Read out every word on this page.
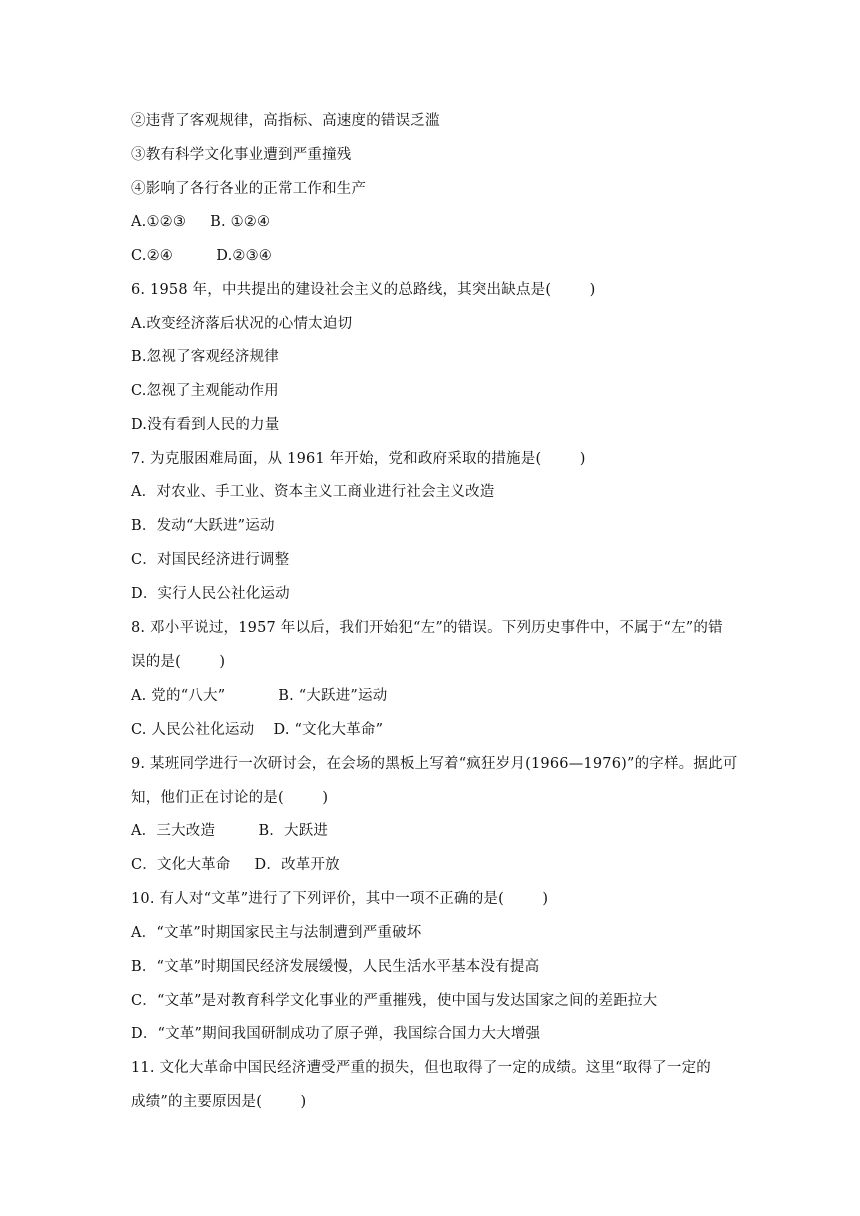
②违背了客观规律，高指标、高速度的错误乏滥
③教有科学文化事业遭到严重撞残
④影响了各行各业的正常工作和生产
A.①②③     B. ①②④
C.②④         D.②③④
6. 1958 年，中共提出的建设社会主义的总路线，其突出缺点是(        )
A.改变经济落后状况的心情太迫切
B.忽视了客观经济规律
C.忽视了主观能动作用
D.没有看到人民的力量
7. 为克服困难局面，从 1961 年开始，党和政府采取的措施是(        )
A．对农业、手工业、资本主义工商业进行社会主义改造
B．发动“大跃进”运动
C．对国民经济进行调整
D．实行人民公社化运动
8. 邓小平说过，1957 年以后，我们开始犯“左”的错误。下列历史事件中，不属于“左”的错
误的是(        )
A. 党的“八大”           B. “大跃进”运动
C. 人民公社化运动    D. “文化大革命”
9. 某班同学进行一次研讨会，在会场的黑板上写着“疯狂岁月(1966—1976)”的字样。据此可
知，他们正在讨论的是(        )
A．三大改造         B．大跃进
C．文化大革命     D．改革开放
10. 有人对“文革”进行了下列评价，其中一项不正确的是(        )
A．“文革”时期国家民主与法制遭到严重破坏
B．“文革”时期国民经济发展缓慢，人民生活水平基本没有提高
C．“文革”是对教育科学文化事业的严重摧残，使中国与发达国家之间的差距拉大
D．“文革”期间我国研制成功了原子弹，我国综合国力大大增强
11. 文化大革命中国民经济遭受严重的损失，但也取得了一定的成绩。这里“取得了一定的
成绩”的主要原因是(        )
